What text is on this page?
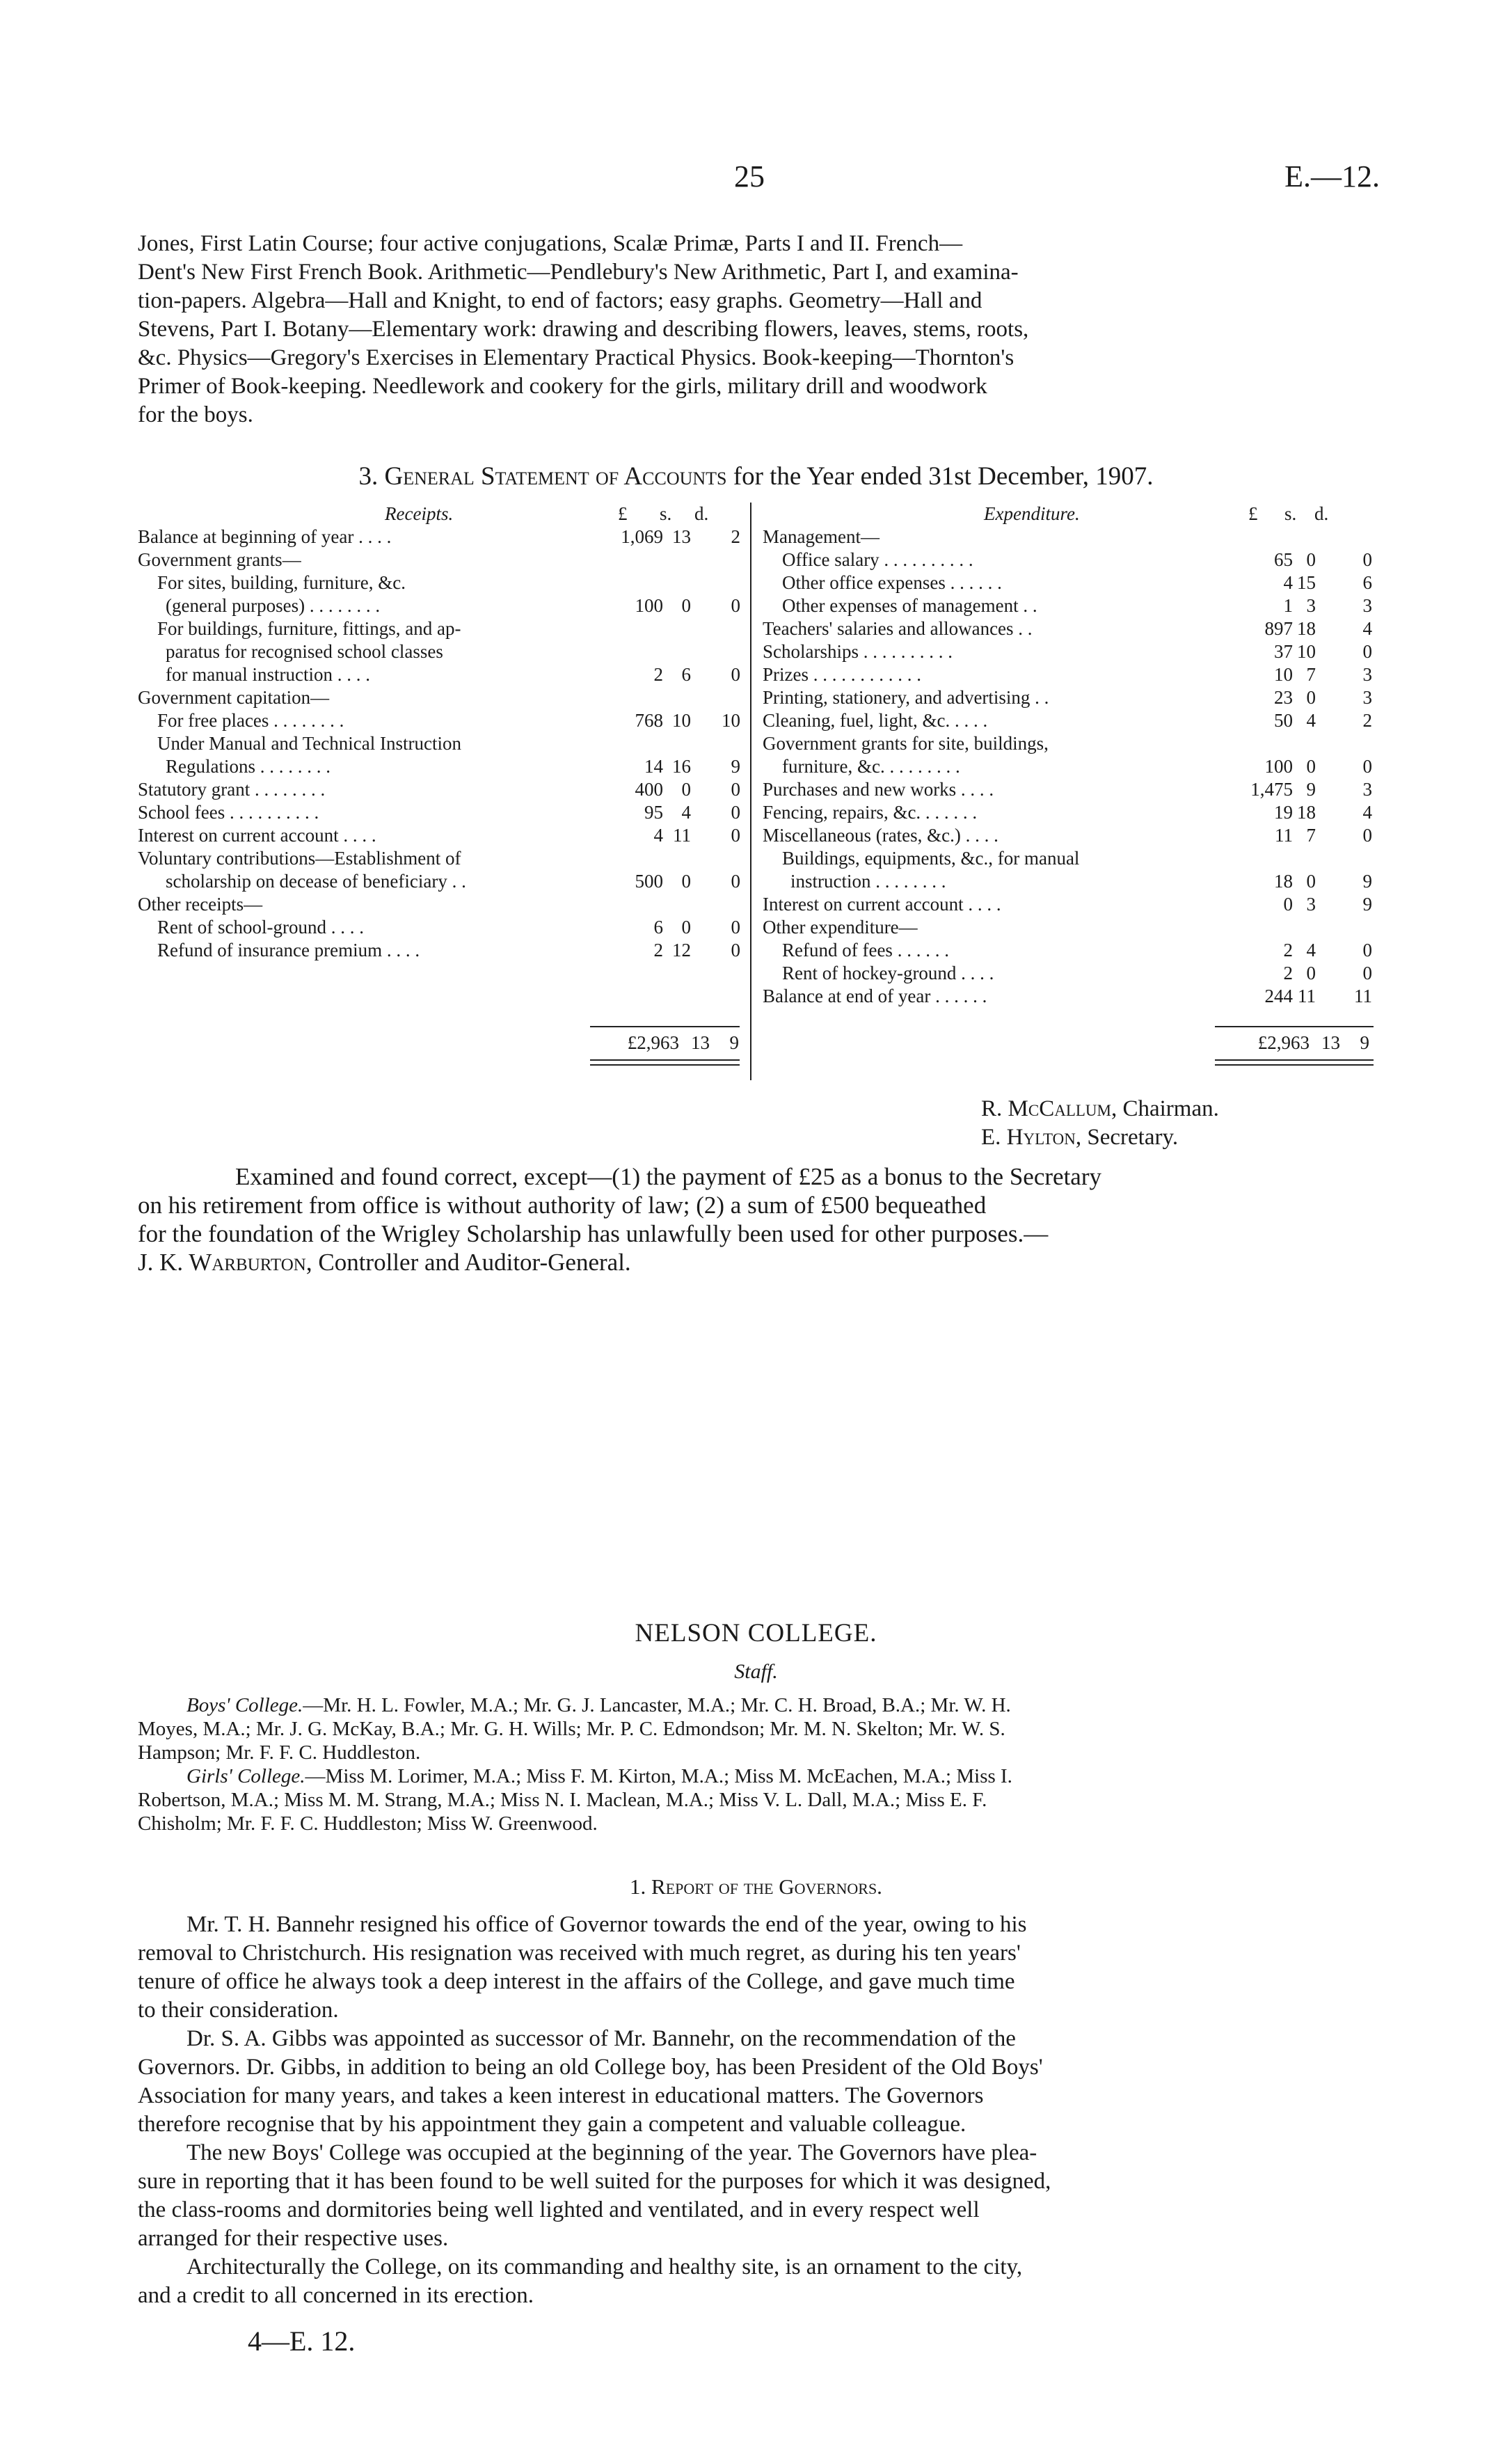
25	E.—12.
Jones, First Latin Course; four active conjugations, Scalæ Primæ, Parts I and II. French—
Dent's New First French Book. Arithmetic—Pendlebury's New Arithmetic, Part I, and examina-
tion-papers. Algebra—Hall and Knight, to end of factors; easy graphs. Geometry—Hall and
Stevens, Part I. Botany—Elementary work: drawing and describing flowers, leaves, stems, roots,
&c. Physics—Gregory's Exercises in Elementary Practical Physics. Book-keeping—Thornton's
Primer of Book-keeping. Needlework and cookery for the girls, military drill and woodwork
for the boys.
3. General Statement of Accounts for the Year ended 31st December, 1907.
Receipts.	£ s. d.	Expenditure.	£ s. d.
Balance at beginning of year . . . .	1,069 13	2
Government grants—
For sites, building, furniture, &c.
(general purposes) . . . . . . . .	100 0	0
For buildings, furniture, fittings, and ap-
paratus for recognised school classes
for manual instruction . . . .	2 6	0
Government capitation—
For free places . . . . . . . .	768 10	10
Under Manual and Technical Instruction
Regulations . . . . . . . .	14 16	9
Statutory grant . . . . . . . .	400 0	0
School fees . . . . . . . . . .	95 4	0
Interest on current account . . . .	4 11	0
Voluntary contributions—Establishment of
scholarship on decease of beneficiary . .	500 0	0
Other receipts—
Rent of school-ground . . . .	6 0	0
Refund of insurance premium . . . .	2 12	0
Management—
Office salary . . . . . . . . . .	65 0	0
Other office expenses . . . . . .	4 15	6
Other expenses of management . .	1 3	3
Teachers' salaries and allowances . .	897 18	4
Scholarships . . . . . . . . . .	37 10	0
Prizes . . . . . . . . . . . .	10 7	3
Printing, stationery, and advertising . .	23 0	3
Cleaning, fuel, light, &c. . . . .	50 4	2
Government grants for site, buildings,
furniture, &c. . . . . . . . .	100 0	0
Purchases and new works . . . .	1,475 9	3
Fencing, repairs, &c. . . . . . .	19 18	4
Miscellaneous (rates, &c.) . . . .	11 7	0
Buildings, equipments, &c., for manual
instruction . . . . . . . .	18 0	9
Interest on current account . . . .	0 3	9
Other expenditure—
Refund of fees . . . . . .	2 4	0
Rent of hockey-ground . . . .	2 0	0
Balance at end of year . . . . . .	244 11	11
£2,963 13 9	£2,963 13 9
R. McCallum, Chairman.
E. Hylton, Secretary.
Examined and found correct, except—(1) the payment of £25 as a bonus to the Secretary
on his retirement from office is without authority of law; (2) a sum of £500 bequeathed
for the foundation of the Wrigley Scholarship has unlawfully been used for other purposes.—
J. K. Warburton, Controller and Auditor-General.
NELSON COLLEGE.
Staff.
Boys' College.—Mr. H. L. Fowler, M.A.; Mr. G. J. Lancaster, M.A.; Mr. C. H. Broad, B.A.; Mr. W. H.
Moyes, M.A.; Mr. J. G. McKay, B.A.; Mr. G. H. Wills; Mr. P. C. Edmondson; Mr. M. N. Skelton; Mr. W. S.
Hampson; Mr. F. F. C. Huddleston.
Girls' College.—Miss M. Lorimer, M.A.; Miss F. M. Kirton, M.A.; Miss M. McEachen, M.A.; Miss I.
Robertson, M.A.; Miss M. M. Strang, M.A.; Miss N. I. Maclean, M.A.; Miss V. L. Dall, M.A.; Miss E. F.
Chisholm; Mr. F. F. C. Huddleston; Miss W. Greenwood.
1. Report of the Governors.
Mr. T. H. Bannehr resigned his office of Governor towards the end of the year, owing to his
removal to Christchurch. His resignation was received with much regret, as during his ten years'
tenure of office he always took a deep interest in the affairs of the College, and gave much time
to their consideration.
Dr. S. A. Gibbs was appointed as successor of Mr. Bannehr, on the recommendation of the
Governors. Dr. Gibbs, in addition to being an old College boy, has been President of the Old Boys'
Association for many years, and takes a keen interest in educational matters. The Governors
therefore recognise that by his appointment they gain a competent and valuable colleague.
The new Boys' College was occupied at the beginning of the year. The Governors have plea-
sure in reporting that it has been found to be well suited for the purposes for which it was designed,
the class-rooms and dormitories being well lighted and ventilated, and in every respect well
arranged for their respective uses.
Architecturally the College, on its commanding and healthy site, is an ornament to the city,
and a credit to all concerned in its erection.
4—E. 12.
